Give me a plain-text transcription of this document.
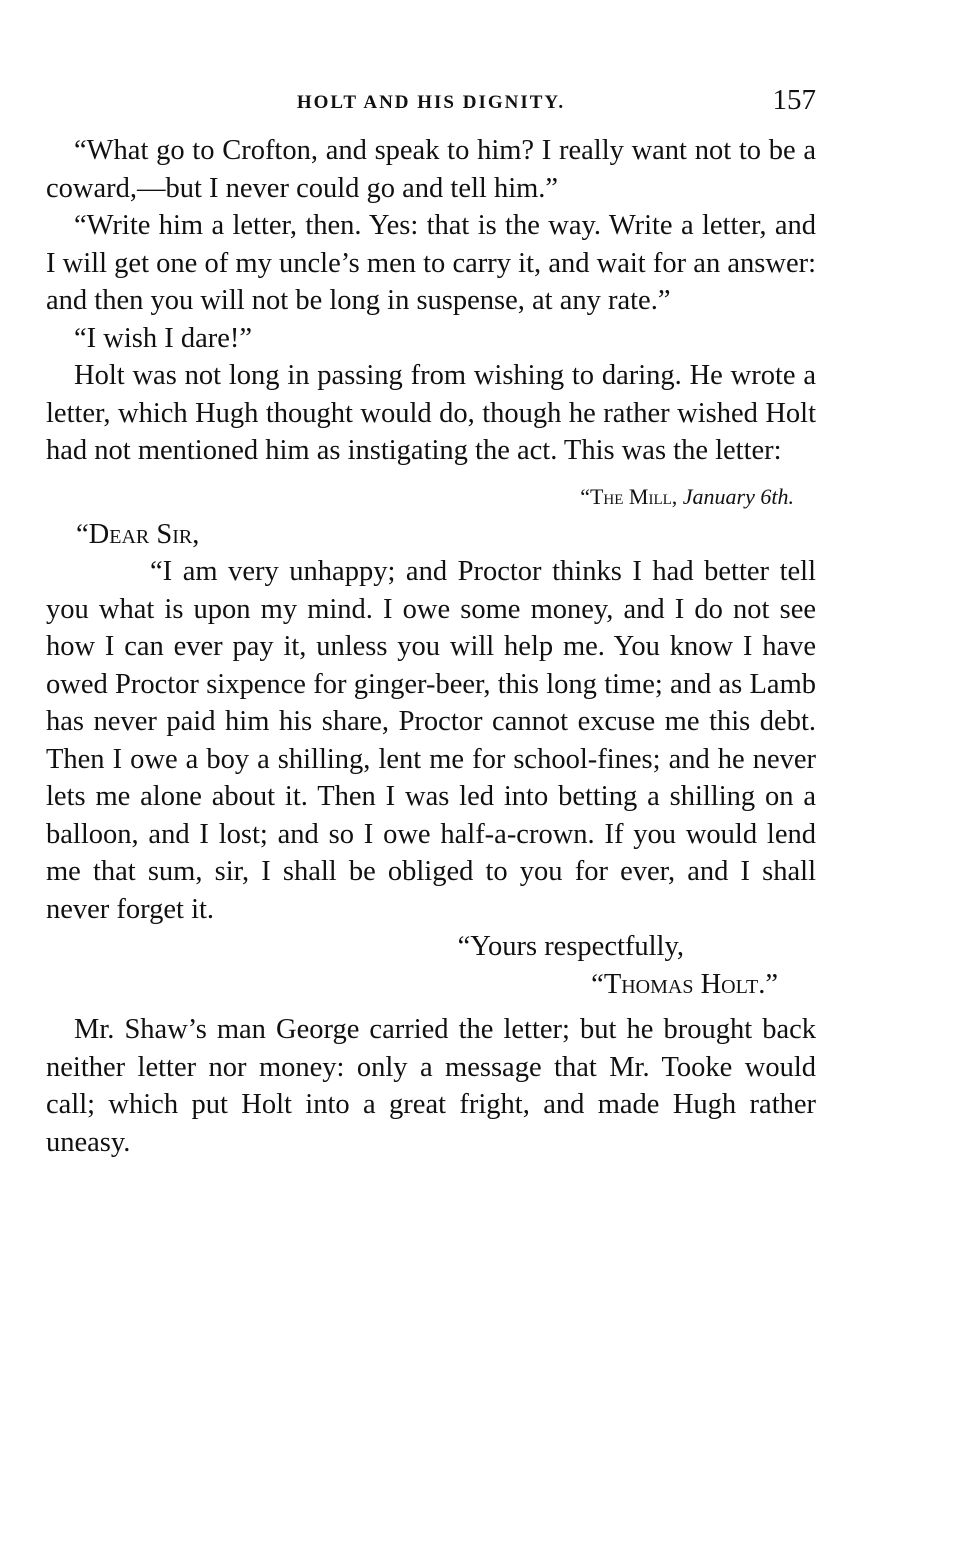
HOLT AND HIS DIGNITY.	157

“What go to Crofton, and speak to him? I really want not to be a coward,—but I never could go and tell him.”

“Write him a letter, then. Yes: that is the way. Write a letter, and I will get one of my uncle’s men to carry it, and wait for an answer: and then you will not be long in suspense, at any rate.”

“I wish I dare!”

Holt was not long in passing from wishing to daring. He wrote a letter, which Hugh thought would do, though he rather wished Holt had not mentioned him as instigating the act. This was the letter:

“The Mill, January 6th.

“Dear Sir,

“I am very unhappy; and Proctor thinks I had better tell you what is upon my mind. I owe some money, and I do not see how I can ever pay it, unless you will help me. You know I have owed Proctor sixpence for ginger-beer, this long time; and as Lamb has never paid him his share, Proctor cannot excuse me this debt. Then I owe a boy a shilling, lent me for school-fines; and he never lets me alone about it. Then I was led into betting a shilling on a balloon, and I lost; and so I owe half-a-crown. If you would lend me that sum, sir, I shall be obliged to you for ever, and I shall never forget it.

“Yours respectfully,

“Thomas Holt.”

Mr. Shaw’s man George carried the letter; but he brought back neither letter nor money: only a message that Mr. Tooke would call; which put Holt into a great fright, and made Hugh rather uneasy.
